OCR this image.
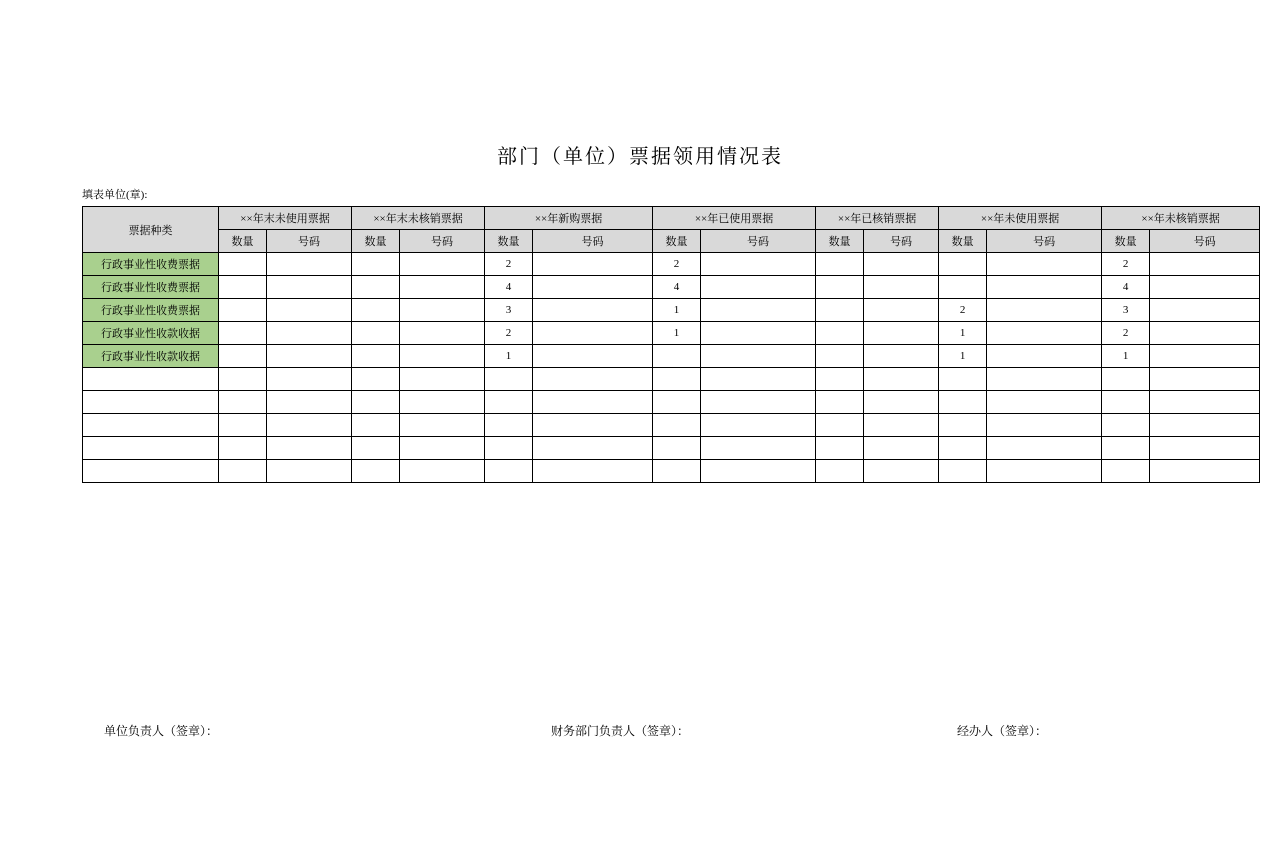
部门（单位）票据领用情况表
填表单位(章):
票据种类	××年末未使用票据		××年末未核销票据		××年新购票据		××年已使用票据		××年已核销票据		××年未使用票据		××年未核销票据	
	数量	号码	数量	号码	数量	号码	数量	号码	数量	号码	数量	号码	数量	号码
行政事业性收费票据					2		2						2	
行政事业性收费票据					4		4						4	
行政事业性收费票据					3		1				2		3	
行政事业性收款收据					2		1				1		2	
行政事业性收款收据					1						1		1	

单位负责人（签章）：	财务部门负责人（签章）：	经办人（签章）：
